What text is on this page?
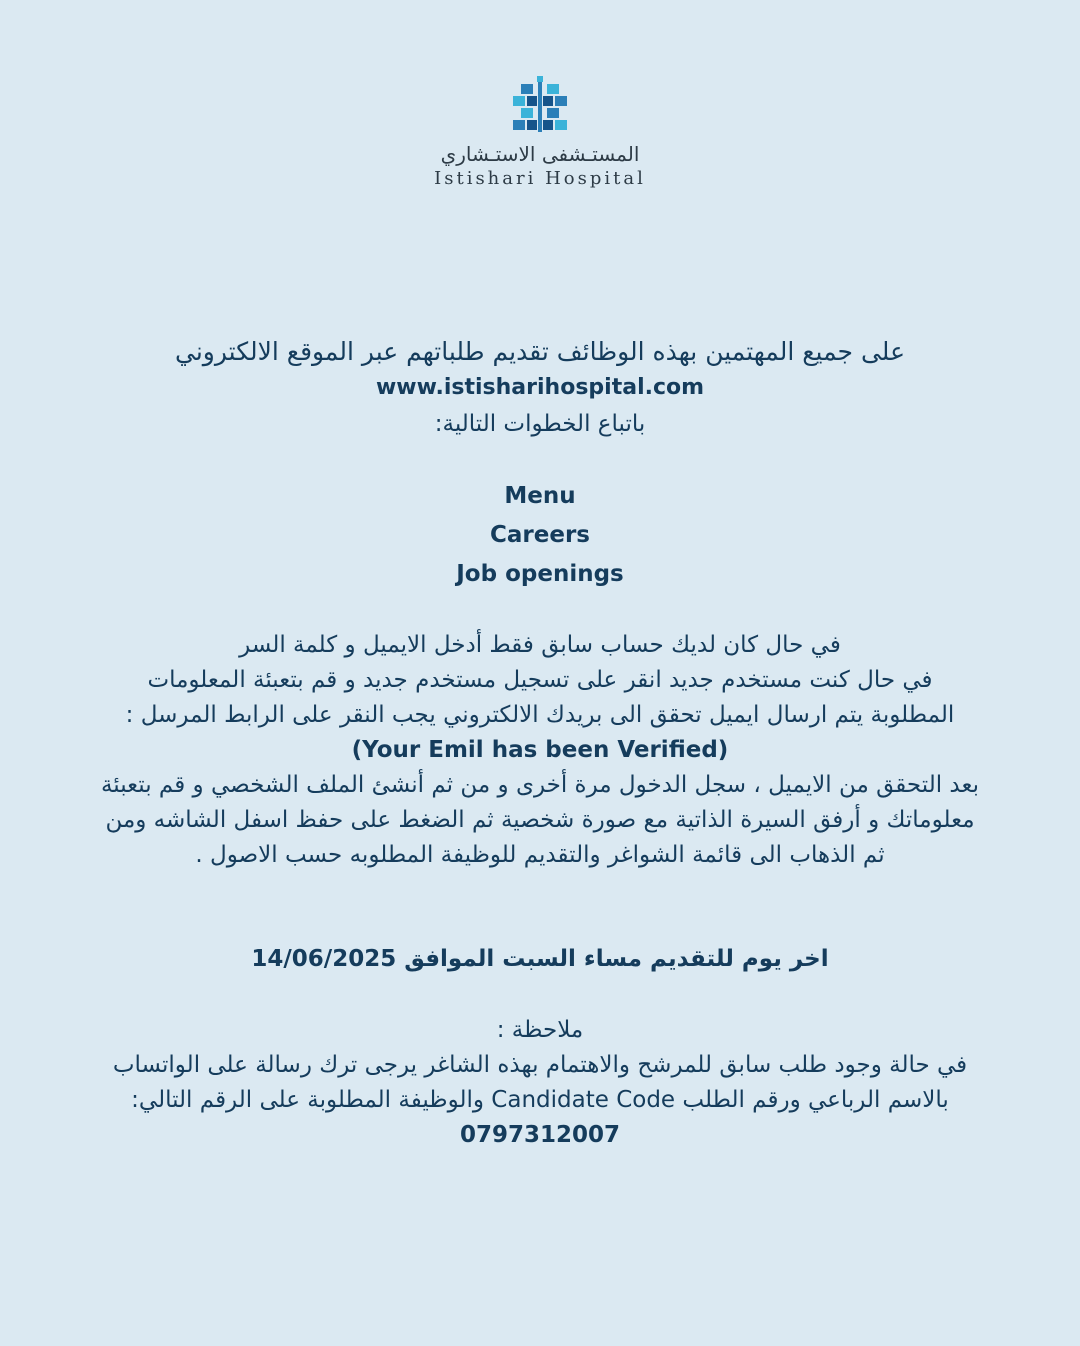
المستـشفى الاستـشاري
Istishari Hospital
على جميع المهتمين بهذه الوظائف تقديم طلباتهم عبر الموقع الالكتروني
www.istisharihospital.com
باتباع الخطوات التالية:
Menu
Careers
Job openings
في حال كان لديك حساب سابق فقط أدخل الايميل و كلمة السر
في حال كنت مستخدم جديد انقر على تسجيل مستخدم جديد و قم بتعبئة المعلومات
المطلوبة يتم ارسال ايميل تحقق الى بريدك الالكتروني يجب النقر على الرابط المرسل :
(Your Emil has been Verified)
بعد التحقق من الايميل ، سجل الدخول مرة أخرى و من ثم أنشئ الملف الشخصي و قم بتعبئة
معلوماتك و أرفق السيرة الذاتية مع صورة شخصية ثم الضغط على حفظ اسفل الشاشه ومن
ثم الذهاب الى قائمة الشواغر والتقديم للوظيفة المطلوبه حسب الاصول .
اخر يوم للتقديم مساء السبت الموافق 14/06/2025
ملاحظة :
في حالة وجود طلب سابق للمرشح والاهتمام بهذه الشاغر يرجى ترك رسالة على الواتساب
بالاسم الرباعي ورقم الطلب Candidate Code والوظيفة المطلوبة على الرقم التالي:
0797312007
